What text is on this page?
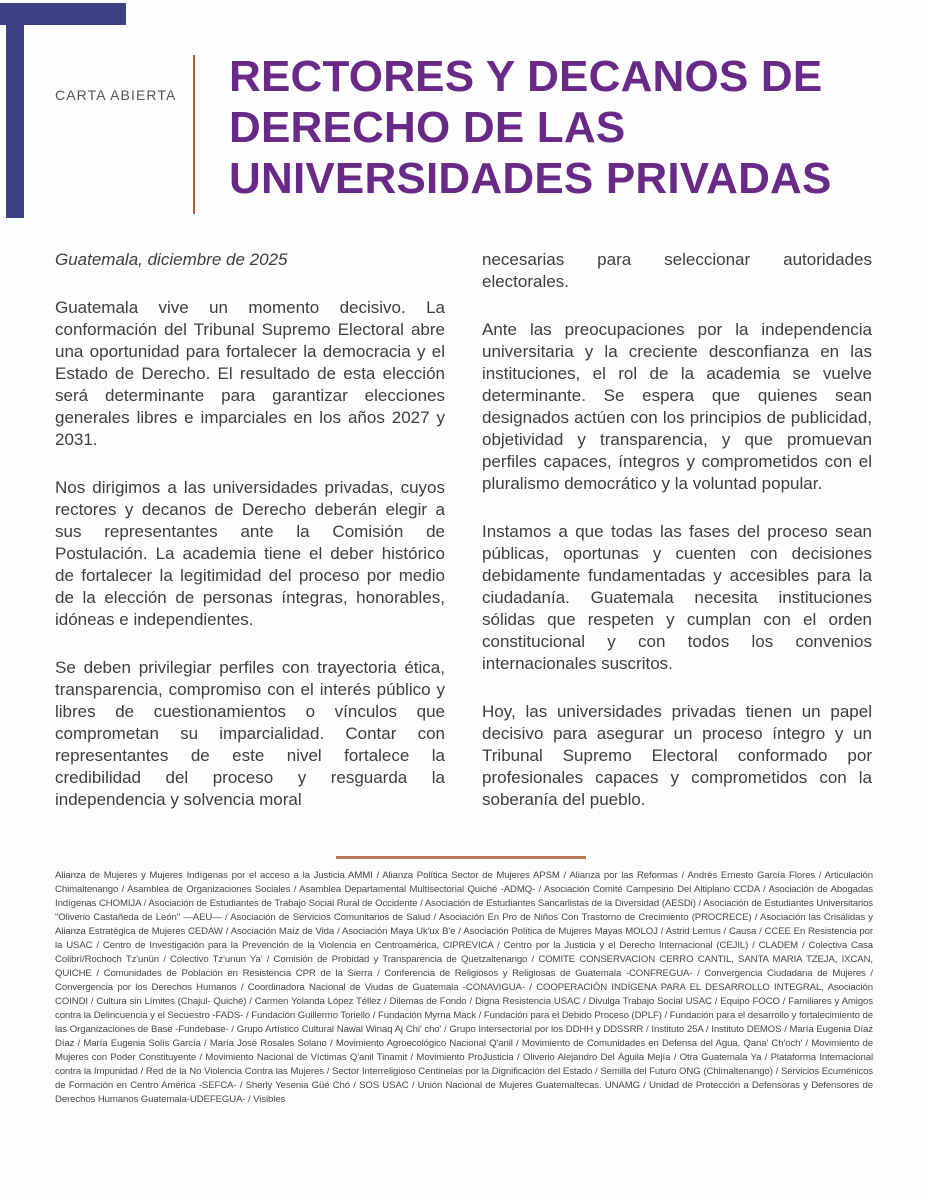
CARTA ABIERTA RECTORES Y DECANOS DE
DERECHO DE LAS
UNIVERSIDADES PRIVADAS

Guatemala, diciembre de 2025

Guatemala vive un momento decisivo. La conformación del Tribunal Supremo Electoral abre una oportunidad para fortalecer la democracia y el Estado de Derecho. El resultado de esta elección será determinante para garantizar elecciones generales libres e imparciales en los años 2027 y 2031.

Nos dirigimos a las universidades privadas, cuyos rectores y decanos de Derecho deberán elegir a sus representantes ante la Comisión de Postulación. La academia tiene el deber histórico de fortalecer la legitimidad del proceso por medio de la elección de personas íntegras, honorables, idóneas e independientes.

Se deben privilegiar perfiles con trayectoria ética, transparencia, compromiso con el interés público y libres de cuestionamientos o vínculos que comprometan su imparcialidad. Contar con representantes de este nivel fortalece la credibilidad del proceso y resguarda la independencia y solvencia moral

necesarias para seleccionar autoridades electorales.

Ante las preocupaciones por la independencia universitaria y la creciente desconfianza en las instituciones, el rol de la academia se vuelve determinante. Se espera que quienes sean designados actúen con los principios de publicidad, objetividad y transparencia, y que promuevan perfiles capaces, íntegros y comprometidos con el pluralismo democrático y la voluntad popular.

Instamos a que todas las fases del proceso sean públicas, oportunas y cuenten con decisiones debidamente fundamentadas y accesibles para la ciudadanía. Guatemala necesita instituciones sólidas que respeten y cumplan con el orden constitucional y con todos los convenios internacionales suscritos.

Hoy, las universidades privadas tienen un papel decisivo para asegurar un proceso íntegro y un Tribunal Supremo Electoral conformado por profesionales capaces y comprometidos con la soberanía del pueblo.

Alianza de Mujeres y Mujeres Indígenas por el acceso a la Justicia AMMI / Alianza Política Sector de Mujeres APSM / Alianza por las Reformas / Andrés Ernesto García Flores / Articulación Chimaltenango / Asamblea de Organizaciones Sociales / Asamblea Departamental Multisectorial Quiché -ADMQ- / Asociación Comité Campesino Del Altiplano CCDA / Asociación de Abogadas Indígenas CHOMIJA / Asociación de Estudiantes de Trabajo Social Rural de Occidente / Asociación de Estudiantes Sancarlistas de la Diversidad (AESDi) / Asociación de Estudiantes Universitarios "Oliverio Castañeda de León" —AEU— / Asociación de Servicios Comunitarios de Salud / Asociación En Pro de Niños Con Trastorno de Crecimiento (PROCRECE) / Asociación las Crisálidas y Alianza Estratégica de Mujeres CEDAW / Asociación Maíz de Vida / Asociación Maya Uk'ux B'e / Asociación Política de Mujeres Mayas MOLOJ / Astrid Lemus / Causa / CCEE En Resistencia por la USAC / Centro de Investigación para la Prevención de la Violencia en Centroamérica, CIPREVICA / Centro por la Justicia y el Derecho Internacional (CEJIL) / CLADEM / Colectiva Casa Colibrí/Rochoch Tz'unün / Colectivo Tz'unun Ya' / Comisión de Probidad y Transparencia de Quetzaltenango / COMITE CONSERVACION CERRO CANTIL, SANTA MARIA TZEJA, IXCAN, QUICHE / Comunidades de Población en Resistencia CPR de la Sierra / Conferencia de Religiosos y Religiosas de Guatemala -CONFREGUA- / Convergencia Ciudadana de Mujeres / Convergencia por los Derechos Humanos / Coordinadora Nacional de Viudas de Guatemala -CONAVIGUA- / COOPERACIÓN INDÍGENA PARA EL DESARROLLO INTEGRAL, Asociación COINDI / Cultura sin Límites (Chajul- Quiché) / Carmen Yolanda López Téllez / Dilemas de Fondo / Digna Resistencia USAC / Divulga Trabajo Social USAC / Equipo FOCO / Familiares y Amigos contra la Delincuencia y el Secuestro -FADS- / Fundación Guillermo Toriello / Fundación Myrna Mack / Fundación para el Debido Proceso (DPLF) / Fundación para el desarrollo y fortalecimiento de las Organizaciones de Base -Fundebase- / Grupo Artístico Cultural Nawal Winaq Aj Chi' cho' / Grupo Intersectorial por los DDHH y DDSSRR / Instituto 25A / Instituto DEMOS / María Eugenia Díaz Díaz / María Eugenia Solís García / María José Rosales Solano / Movimiento Agroecológico Nacional Q'anil / Movimiento de Comunidades en Defensa del Agua, Qana' Ch'och' / Movimiento de Mujeres con Poder Constituyente / Movimiento Nacional de Víctimas Q'anil Tinamit / Movimiento ProJusticia / Oliverio Alejandro Del Águila Mejía / Otra Guatemala Ya / Plataforma Internacional contra la Impunidad / Red de la No Violencia Contra las Mujeres / Sector Interreligioso Centinelas por la Dignificación del Estado / Semilla del Futuro ONG (Chimaltenango) / Servicios Ecuménicos de Formación en Centro América -SEFCA- / Sherly Yesenia Güé Chó / SOS USAC / Unión Nacional de Mujeres Guatemaltecas. UNAMG / Unidad de Protección a Defensoras y Defensores de Derechos Humanos Guatemala-UDEFEGUA- / Visibles
